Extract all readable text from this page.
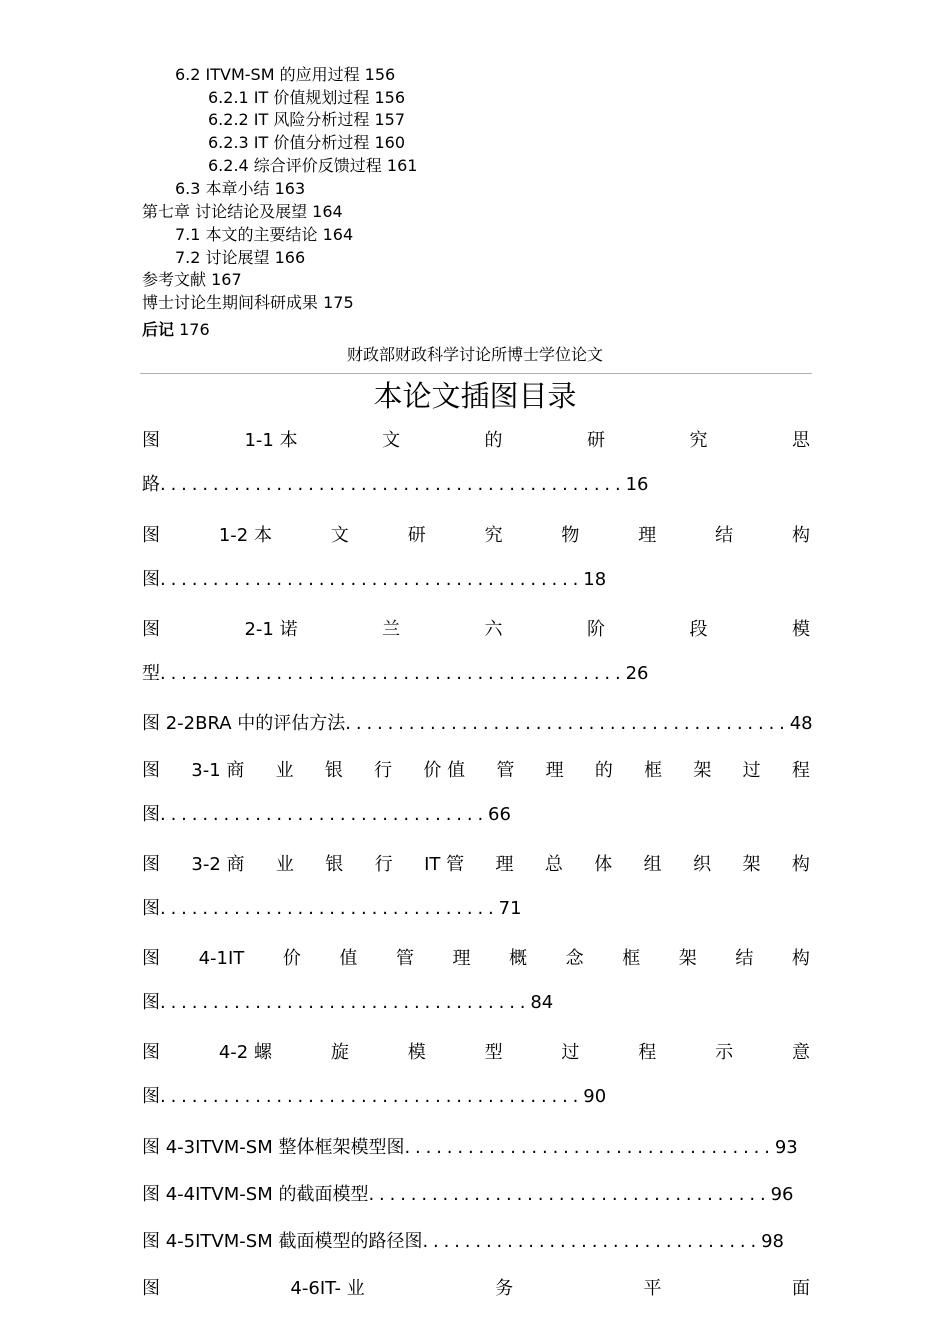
6.2 ITVM-SM 的应用过程 156
6.2.1 IT 价值规划过程 156
6.2.2 IT 风险分析过程 157
6.2.3 IT 价值分析过程 160
6.2.4 综合评价反馈过程 161
6.3 本章小结 163
第七章 讨论结论及展望 164
7.1 本文的主要结论 164
7.2 讨论展望 166
参考文献 167
博士讨论生期间科研成果 175
后记 176
财政部财政科学讨论所博士学位论文
本论文插图目录
图	1-1 本	文	的	研	究	思
路............................................16
图	1-2 本	文	研	究	物	理	结	构
图........................................18
图	2-1 诺	兰	六	阶	段	模
型............................................26
图 2-2BRA 中的评估方法..........................................48
图 3-1 商 业 银 行 价 值 管 理 的 框 架 过 程
图...............................66
图 3-2 商 业 银 行 IT 管 理 总 体 组 织 架 构
图................................71
图 4-1IT 价 值 管 理 概 念 框 架 结 构
图...................................84
图	4-2 螺	旋	模	型	过	程	示	意
图........................................90
图 4-3ITVM-SM 整体框架模型图...................................93
图 4-4ITVM-SM 的截面模型......................................96
图 4-5ITVM-SM 截面模型的路径图................................98
图	4-6IT- 业	务	平	面
